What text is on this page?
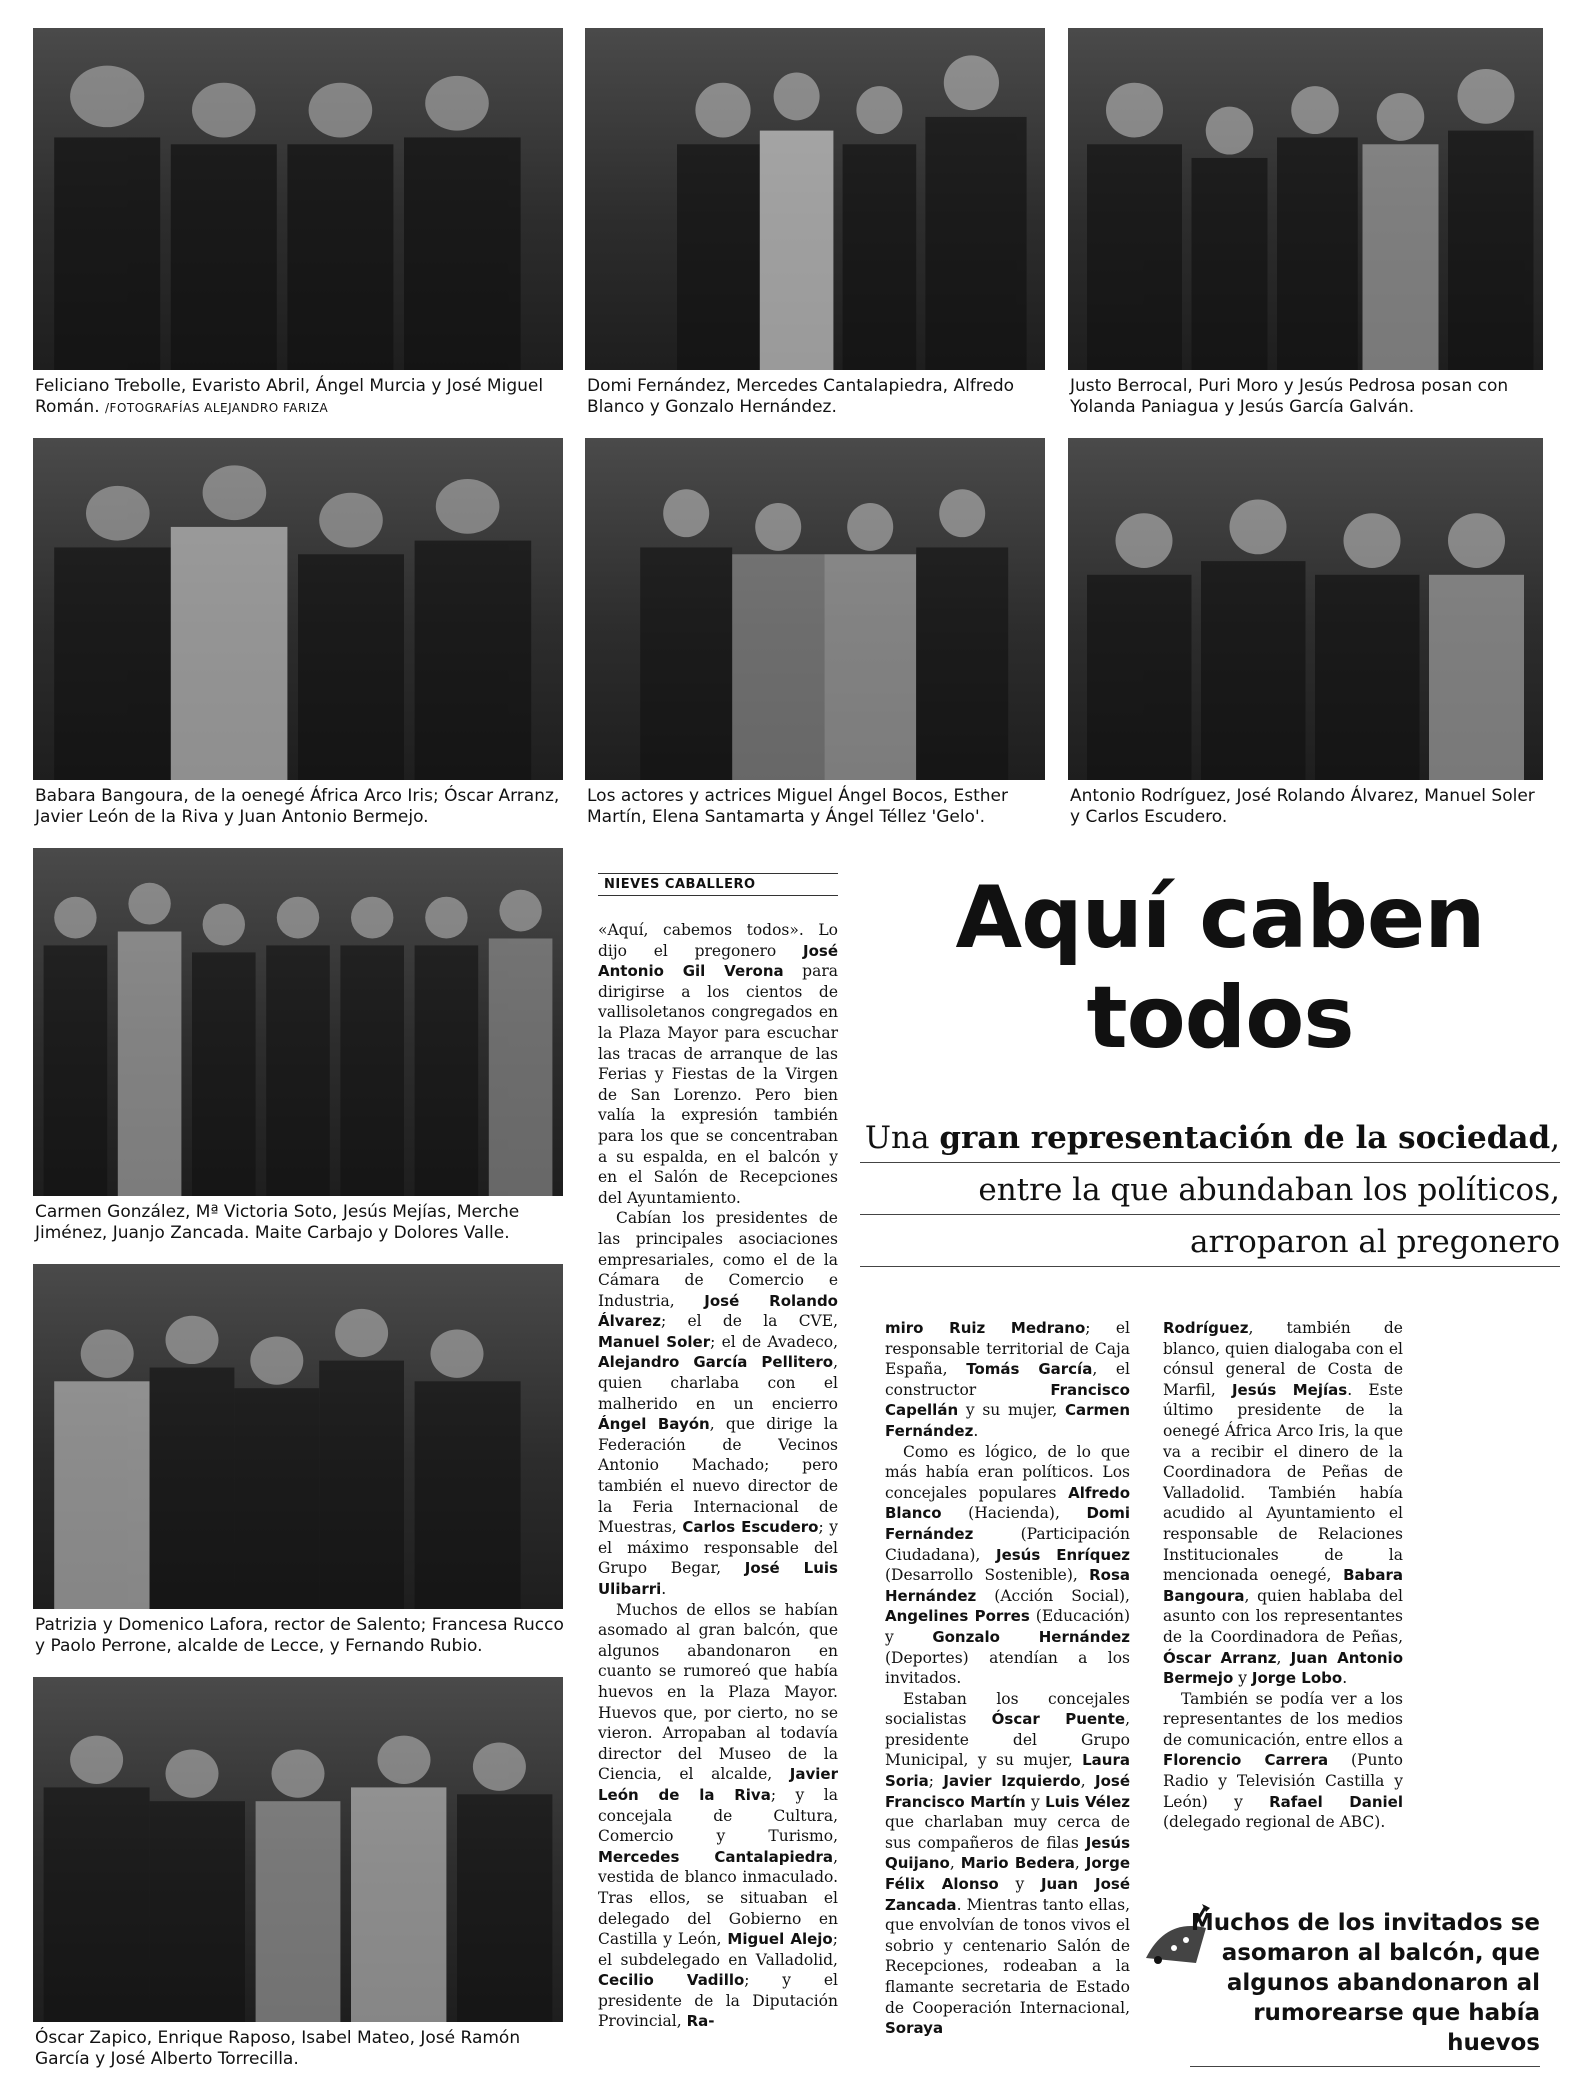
Feliciano Trebolle, Evaristo Abril, Ángel Murcia y José Miguel Román. /FOTOGRAFÍAS ALEJANDRO FARIZA

Domi Fernández, Mercedes Cantalapiedra, Alfredo Blanco y Gonzalo Hernández.

Justo Berrocal, Puri Moro y Jesús Pedrosa posan con Yolanda Paniagua y Jesús García Galván.

Babara Bangoura, de la oenegé África Arco Iris; Óscar Arranz, Javier León de la Riva y Juan Antonio Bermejo.

Los actores y actrices Miguel Ángel Bocos, Esther Martín, Elena Santamarta y Ángel Téllez 'Gelo'.

Antonio Rodríguez, José Rolando Álvarez, Manuel Soler y Carlos Escudero.

Carmen González, Mª Victoria Soto, Jesús Mejías, Merche Jiménez, Juanjo Zancada. Maite Carbajo y Dolores Valle.

Patrizia y Domenico Lafora, rector de Salento; Francesa Rucco y Paolo Perrone, alcalde de Lecce, y Fernando Rubio.

Óscar Zapico, Enrique Raposo, Isabel Mateo, José Ramón García y José Alberto Torrecilla.

NIEVES CABALLERO	Aquí caben
todos

Una gran representación de la sociedad,

entre la que abundaban los políticos,

arroparon al pregonero

«Aquí, cabemos todos». Lo dijo el pregonero José Antonio Gil Verona para dirigirse a los cientos de vallisoletanos congregados en la Plaza Mayor para escuchar las tracas de arranque de las Ferias y Fiestas de la Virgen de San Lorenzo. Pero bien valía la expresión también para los que se concentraban a su espalda, en el balcón y en el Salón de Recepciones del Ayuntamiento.

Cabían los presidentes de las principales asociaciones empresariales, como el de la Cámara de Comercio e Industria, José Rolando Álvarez; el de la CVE, Manuel Soler; el de Avadeco, Alejandro García Pellitero, quien charlaba con el malherido en un encierro Ángel Bayón, que dirige la Federación de Vecinos Antonio Machado; pero también el nuevo director de la Feria Internacional de Muestras, Carlos Escudero; y el máximo responsable del Grupo Begar, José Luis Ulibarri.

Muchos de ellos se habían asomado al gran balcón, que algunos abandonaron en cuanto se rumoreó que había huevos en la Plaza Mayor. Huevos que, por cierto, no se vieron. Arropaban al todavía director del Museo de la Ciencia, el alcalde, Javier León de la Riva; y la concejala de Cultura, Comercio y Turismo, Mercedes Cantalapiedra, vestida de blanco inmaculado. Tras ellos, se situaban el delegado del Gobierno en Castilla y León, Miguel Alejo; el subdelegado en Valladolid, Cecilio Vadillo; y el presidente de la Diputación Provincial, Ra-

miro Ruiz Medrano; el responsable territorial de Caja España, Tomás García, el constructor Francisco Capellán y su mujer, Carmen Fernández.

Como es lógico, de lo que más había eran políticos. Los concejales populares Alfredo Blanco (Hacienda), Domi Fernández (Participación Ciudadana), Jesús Enríquez (Desarrollo Sostenible), Rosa Hernández (Acción Social), Angelines Porres (Educación) y Gonzalo Hernández (Deportes) atendían a los invitados.

Estaban los concejales socialistas Óscar Puente, presidente del Grupo Municipal, y su mujer, Laura Soria; Javier Izquierdo, José Francisco Martín y Luis Vélez que charlaban muy cerca de sus compañeros de filas Jesús Quijano, Mario Bedera, Jorge Félix Alonso y Juan José Zancada. Mientras tanto ellas, que envolvían de tonos vivos el sobrio y centenario Salón de Recepciones, rodeaban a la flamante secretaria de Estado de Cooperación Internacional, Soraya

Rodríguez, también de blanco, quien dialogaba con el cónsul general de Costa de Marfil, Jesús Mejías. Este último presidente de la oenegé África Arco Iris, la que va a recibir el dinero de la Coordinadora de Peñas de Valladolid. También había acudido al Ayuntamiento el responsable de Relaciones Institucionales de la mencionada oenegé, Babara Bangoura, quien hablaba del asunto con los representantes de la Coordinadora de Peñas, Óscar Arranz, Juan Antonio Bermejo y Jorge Lobo.

También se podía ver a los representantes de los medios de comunicación, entre ellos a Florencio Carrera (Punto Radio y Televisión Castilla y León) y Rafael Daniel (delegado regional de ABC).

Muchos de los invitados se asomaron al balcón, que algunos abandonaron al rumorearse que había huevos
